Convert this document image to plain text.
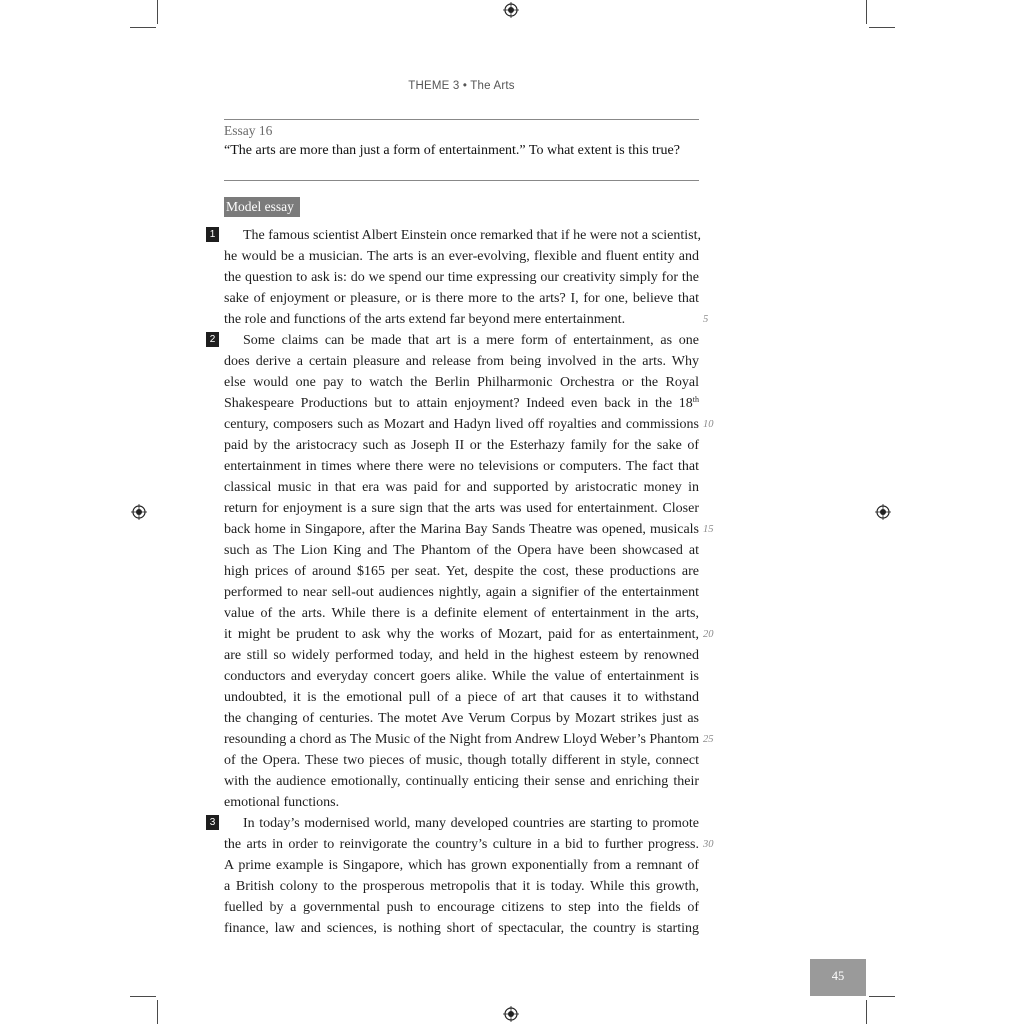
THEME 3 • The Arts
Essay 16
“The arts are more than just a form of entertainment.” To what extent is this true?
Model essay
1
2
3
The famous scientist Albert Einstein once remarked that if he were not a scientist,
he would be a musician. The arts is an ever-evolving, flexible and fluent entity and
the question to ask is: do we spend our time expressing our creativity simply for the
sake of enjoyment or pleasure, or is there more to the arts? I, for one, believe that
the role and functions of the arts extend far beyond mere entertainment.
Some claims can be made that art is a mere form of entertainment, as one
does derive a certain pleasure and release from being involved in the arts. Why
else would one pay to watch the Berlin Philharmonic Orchestra or the Royal
Shakespeare Productions but to attain enjoyment? Indeed even back in the 18th
century, composers such as Mozart and Hadyn lived off royalties and commissions
paid by the aristocracy such as Joseph II or the Esterhazy family for the sake of
entertainment in times where there were no televisions or computers. The fact that
classical music in that era was paid for and supported by aristocratic money in
return for enjoyment is a sure sign that the arts was used for entertainment. Closer
back home in Singapore, after the Marina Bay Sands Theatre was opened, musicals
such as The Lion King and The Phantom of the Opera have been showcased at
high prices of around $165 per seat. Yet, despite the cost, these productions are
performed to near sell-out audiences nightly, again a signifier of the entertainment
value of the arts. While there is a definite element of entertainment in the arts,
it might be prudent to ask why the works of Mozart, paid for as entertainment,
are still so widely performed today, and held in the highest esteem by renowned
conductors and everyday concert goers alike. While the value of entertainment is
undoubted, it is the emotional pull of a piece of art that causes it to withstand
the changing of centuries. The motet Ave Verum Corpus by Mozart strikes just as
resounding a chord as The Music of the Night from Andrew Lloyd Weber’s Phantom
of the Opera. These two pieces of music, though totally different in style, connect
with the audience emotionally, continually enticing their sense and enriching their
emotional functions.
In today’s modernised world, many developed countries are starting to promote
the arts in order to reinvigorate the country’s culture in a bid to further progress.
A prime example is Singapore, which has grown exponentially from a remnant of
a British colony to the prosperous metropolis that it is today. While this growth,
fuelled by a governmental push to encourage citizens to step into the fields of
finance, law and sciences, is nothing short of spectacular, the country is starting
5
10
15
20
25
30
45
